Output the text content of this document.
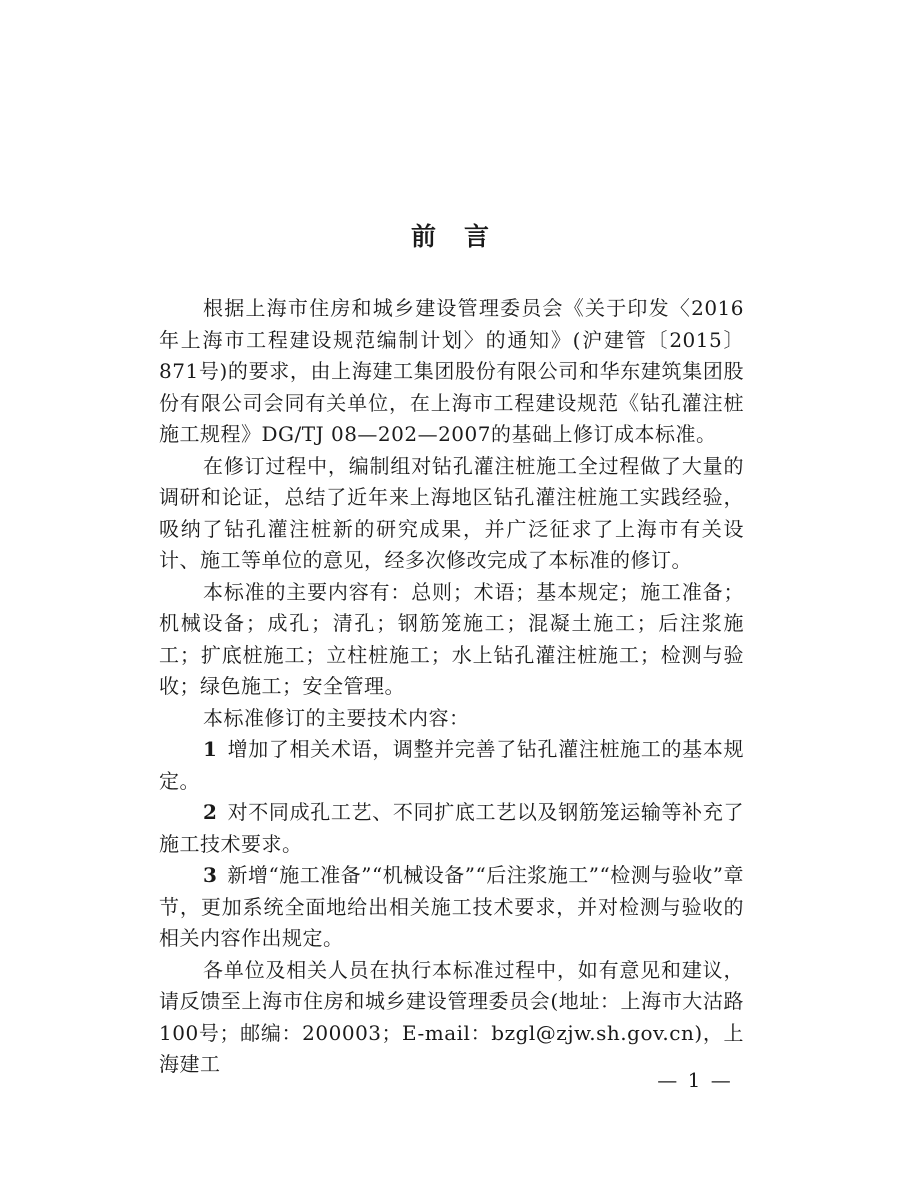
前言

根据上海市住房和城乡建设管理委员会《关于印发〈2016年上海市工程建设规范编制计划〉的通知》(沪建管〔2015〕871号)的要求，由上海建工集团股份有限公司和华东建筑集团股份有限公司会同有关单位，在上海市工程建设规范《钻孔灌注桩施工规程》DG/TJ 08—202—2007的基础上修订成本标准。

在修订过程中，编制组对钻孔灌注桩施工全过程做了大量的调研和论证，总结了近年来上海地区钻孔灌注桩施工实践经验，吸纳了钻孔灌注桩新的研究成果，并广泛征求了上海市有关设计、施工等单位的意见，经多次修改完成了本标准的修订。

本标准的主要内容有：总则；术语；基本规定；施工准备；机械设备；成孔；清孔；钢筋笼施工；混凝土施工；后注浆施工；扩底桩施工；立柱桩施工；水上钻孔灌注桩施工；检测与验收；绿色施工；安全管理。

本标准修订的主要技术内容：

1 增加了相关术语，调整并完善了钻孔灌注桩施工的基本规定。

2 对不同成孔工艺、不同扩底工艺以及钢筋笼运输等补充了施工技术要求。

3 新增“施工准备”“机械设备”“后注浆施工”“检测与验收”章节，更加系统全面地给出相关施工技术要求，并对检测与验收的相关内容作出规定。

各单位及相关人员在执行本标准过程中，如有意见和建议，请反馈至上海市住房和城乡建设管理委员会(地址：上海市大沽路100号；邮编：200003；E-mail：bzgl@zjw.sh.gov.cn)，上海建工

— 1 —
